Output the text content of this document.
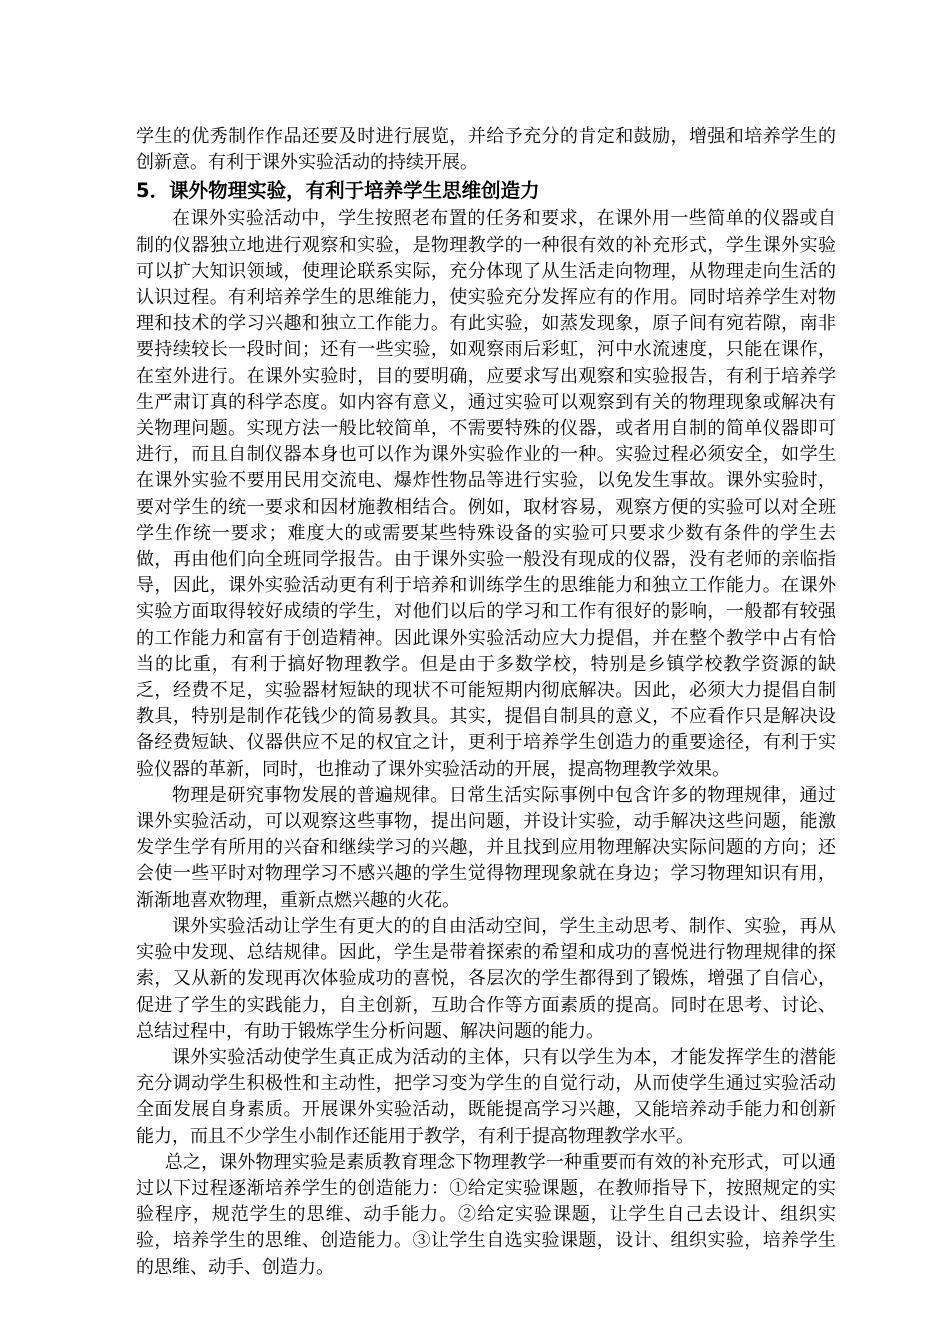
学生的优秀制作作品还要及时进行展览，并给予充分的肯定和鼓励，增强和培养学生的创新意。有利于课外实验活动的持续开展。

5．课外物理实验，有利于培养学生思维创造力

在课外实验活动中，学生按照老布置的任务和要求，在课外用一些简单的仪器或自制的仪器独立地进行观察和实验，是物理教学的一种很有效的补充形式，学生课外实验可以扩大知识领域，使理论联系实际，充分体现了从生活走向物理，从物理走向生活的认识过程。有利培养学生的思维能力，使实验充分发挥应有的作用。同时培养学生对物理和技术的学习兴趣和独立工作能力。有此实验，如蒸发现象，原子间有宛若隙，南非要持续较长一段时间；还有一些实验，如观察雨后彩虹，河中水流速度，只能在课作，在室外进行。在课外实验时，目的要明确，应要求写出观察和实验报告，有利于培养学生严肃订真的科学态度。如内容有意义，通过实验可以观察到有关的物理现象或解决有关物理问题。实现方法一般比较简单，不需要特殊的仪器，或者用自制的简单仪器即可进行，而且自制仪器本身也可以作为课外实验作业的一种。实验过程必须安全，如学生在课外实验不要用民用交流电、爆炸性物品等进行实验，以免发生事故。课外实验时，要对学生的统一要求和因材施教相结合。例如，取材容易，观察方便的实验可以对全班学生作统一要求；难度大的或需要某些特殊设备的实验可只要求少数有条件的学生去做，再由他们向全班同学报告。由于课外实验一般没有现成的仪器，没有老师的亲临指导，因此，课外实验活动更有利于培养和训练学生的思维能力和独立工作能力。在课外实验方面取得较好成绩的学生，对他们以后的学习和工作有很好的影响，一般都有较强的工作能力和富有于创造精神。因此课外实验活动应大力提倡，并在整个教学中占有恰当的比重，有利于搞好物理教学。但是由于多数学校，特别是乡镇学校教学资源的缺乏，经费不足，实验器材短缺的现状不可能短期内彻底解决。因此，必须大力提倡自制教具，特别是制作花钱少的简易教具。其实，提倡自制具的意义，不应看作只是解决设备经费短缺、仪器供应不足的权宜之计，更利于培养学生创造力的重要途径，有利于实验仪器的革新，同时，也推动了课外实验活动的开展，提高物理教学效果。

物理是研究事物发展的普遍规律。日常生活实际事例中包含许多的物理规律，通过课外实验活动，可以观察这些事物，提出问题，并设计实验，动手解决这些问题，能激发学生学有所用的兴奋和继续学习的兴趣，并且找到应用物理解决实际问题的方向；还会使一些平时对物理学习不感兴趣的学生觉得物理现象就在身边；学习物理知识有用，渐渐地喜欢物理，重新点燃兴趣的火花。

课外实验活动让学生有更大的的自由活动空间，学生主动思考、制作、实验，再从实验中发现、总结规律。因此，学生是带着探索的希望和成功的喜悦进行物理规律的探索，又从新的发现再次体验成功的喜悦，各层次的学生都得到了锻炼，增强了自信心，促进了学生的实践能力，自主创新，互助合作等方面素质的提高。同时在思考、讨论、总结过程中，有助于锻炼学生分析问题、解决问题的能力。

课外实验活动使学生真正成为活动的主体，只有以学生为本，才能发挥学生的潜能充分调动学生积极性和主动性，把学习变为学生的自觉行动，从而使学生通过实验活动全面发展自身素质。开展课外实验活动，既能提高学习兴趣，又能培养动手能力和创新能力，而且不少学生小制作还能用于教学，有利于提高物理教学水平。

总之，课外物理实验是素质教育理念下物理教学一种重要而有效的补充形式，可以通过以下过程逐渐培养学生的创造能力：①给定实验课题，在教师指导下，按照规定的实验程序，规范学生的思维、动手能力。②给定实验课题，让学生自己去设计、组织实验，培养学生的思维、创造能力。③让学生自选实验课题，设计、组织实验，培养学生的思维、动手、创造力。
